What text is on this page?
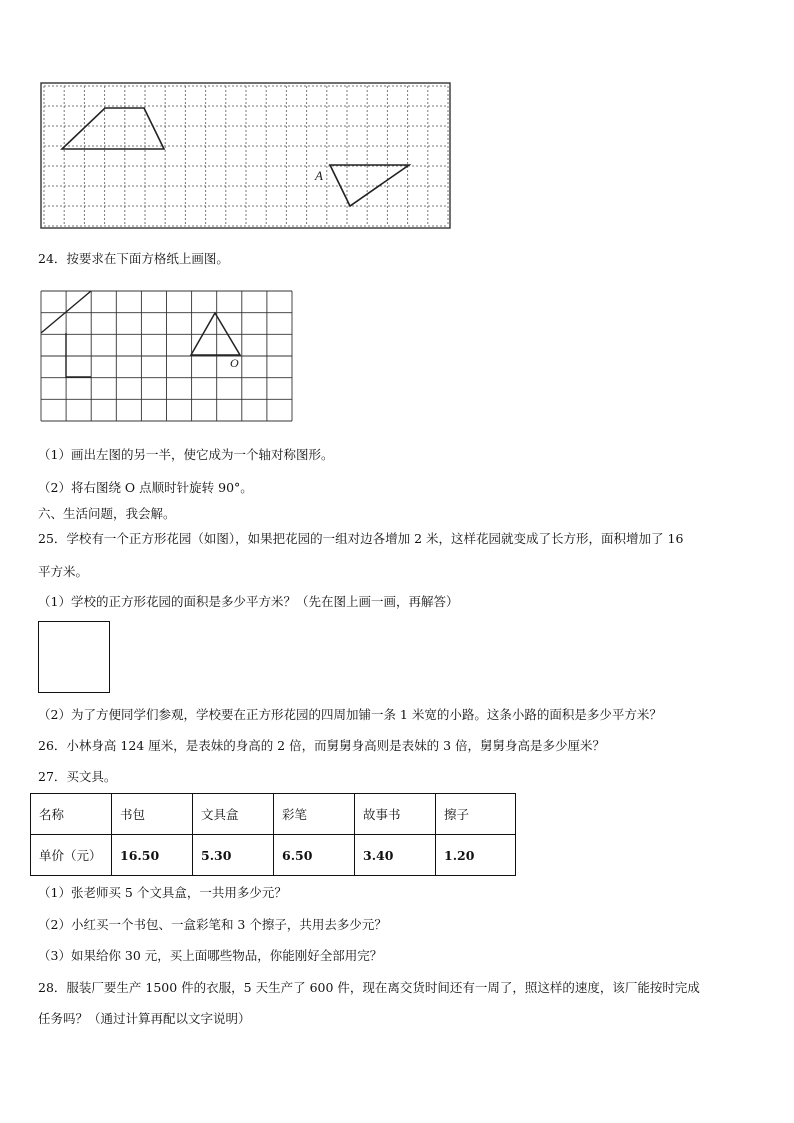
A
24．按要求在下面方格纸上画图。
O
（1）画出左图的另一半，使它成为一个轴对称图形。
（2）将右图绕 O 点顺时针旋转 90°。
六、生活问题，我会解。
25．学校有一个正方形花园（如图），如果把花园的一组对边各增加 2 米，这样花园就变成了长方形，面积增加了 16
平方米。
（1）学校的正方形花园的面积是多少平方米？（先在图上画一画，再解答）
（2）为了方便同学们参观，学校要在正方形花园的四周加铺一条 1 米宽的小路。这条小路的面积是多少平方米？
26．小林身高 124 厘米，是表妹的身高的 2 倍，而舅舅身高则是表妹的 3 倍，舅舅身高是多少厘米？
27．买文具。
名称	书包	文具盒	彩笔	故事书	擦子
单价（元）	16.50	5.30	6.50	3.40	1.20
（1）张老师买 5 个文具盒，一共用多少元？
（2）小红买一个书包、一盒彩笔和 3 个擦子，共用去多少元？
（3）如果给你 30 元，买上面哪些物品，你能刚好全部用完？
28．服装厂要生产 1500 件的衣服，5 天生产了 600 件，现在离交货时间还有一周了，照这样的速度，该厂能按时完成
任务吗？（通过计算再配以文字说明）
